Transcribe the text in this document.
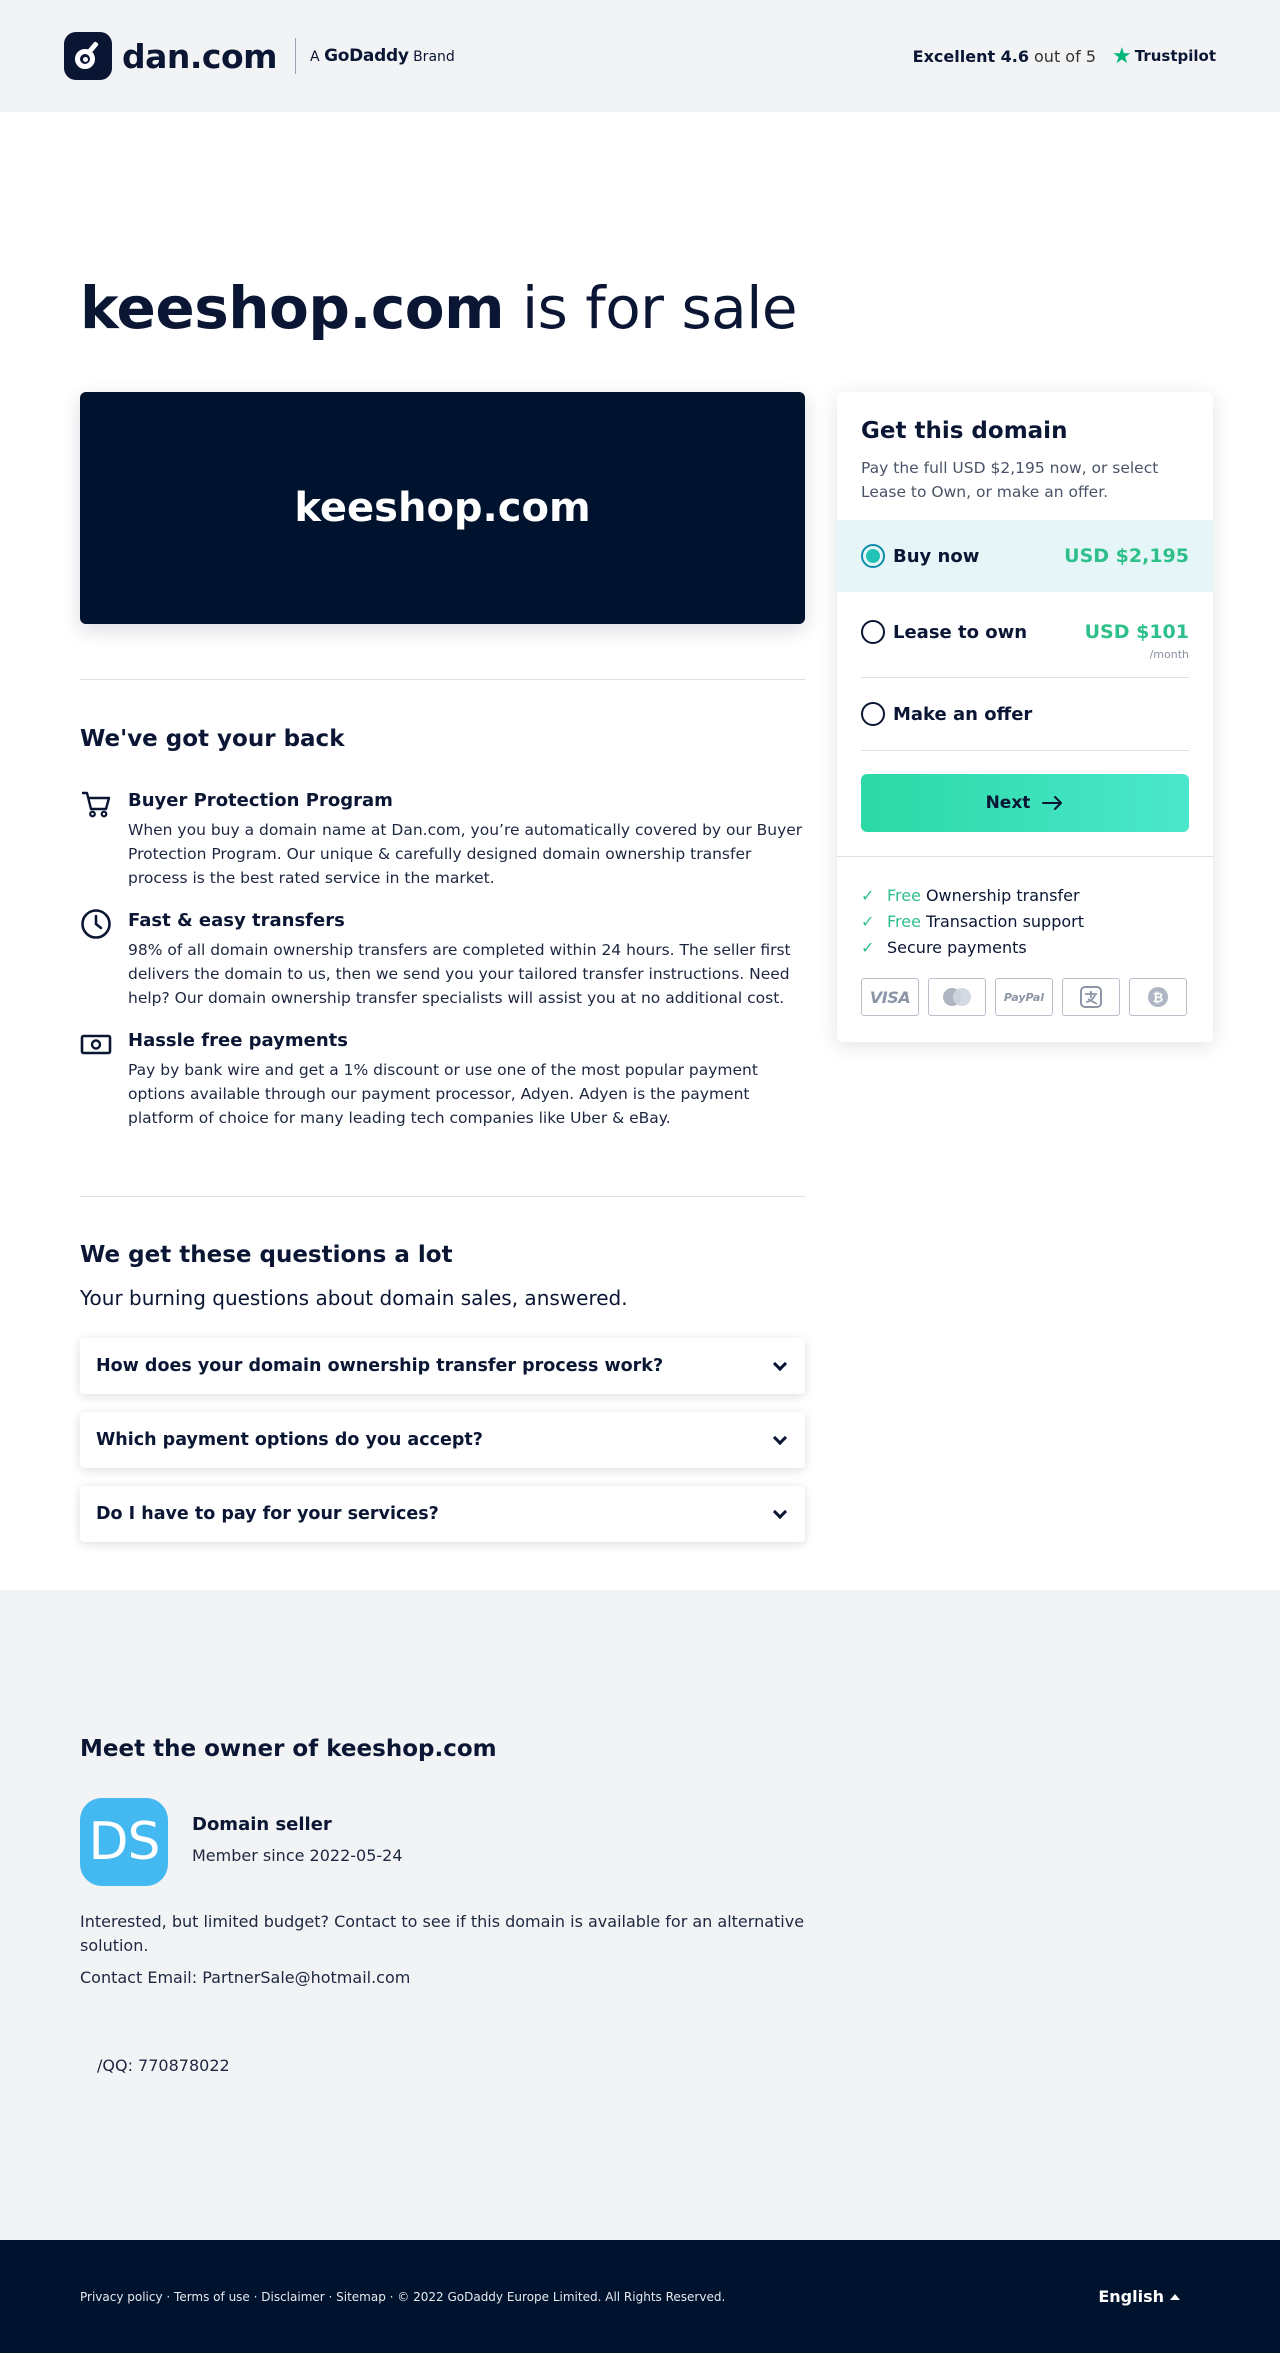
dan.com A GoDaddy Brand	Excellent 4.6 out of 5 ★ Trustpilot
keeshop.com is for sale
keeshop.com
We've got your back
Buyer Protection Program
When you buy a domain name at Dan.com, you’re automatically covered by our Buyer Protection Program. Our unique & carefully designed domain ownership transfer process is the best rated service in the market.
Fast & easy transfers
98% of all domain ownership transfers are completed within 24 hours. The seller first delivers the domain to us, then we send you your tailored transfer instructions. Need help? Our domain ownership transfer specialists will assist you at no additional cost.
Hassle free payments
Pay by bank wire and get a 1% discount or use one of the most popular payment options available through our payment processor, Adyen. Adyen is the payment platform of choice for many leading tech companies like Uber & eBay.
We get these questions a lot
Your burning questions about domain sales, answered.
How does your domain ownership transfer process work?
Which payment options do you accept?
Do I have to pay for your services?
Get this domain
Pay the full USD $2,195 now, or select Lease to Own, or make an offer.
Buy now	USD $2,195
Lease to own	USD $101
/month
Make an offer
Next
✓ Free Ownership transfer
✓ Free Transaction support
✓ Secure payments
VISA	PayPal	₿
Meet the owner of keeshop.com
DS	Domain seller
Member since 2022-05-24
Interested, but limited budget? Contact to see if this domain is available for an alternative solution.
Contact Email: PartnerSale@hotmail.com
/QQ: 770878022
Privacy policy · Terms of use · Disclaimer · Sitemap · © 2022 GoDaddy Europe Limited. All Rights Reserved.	English
